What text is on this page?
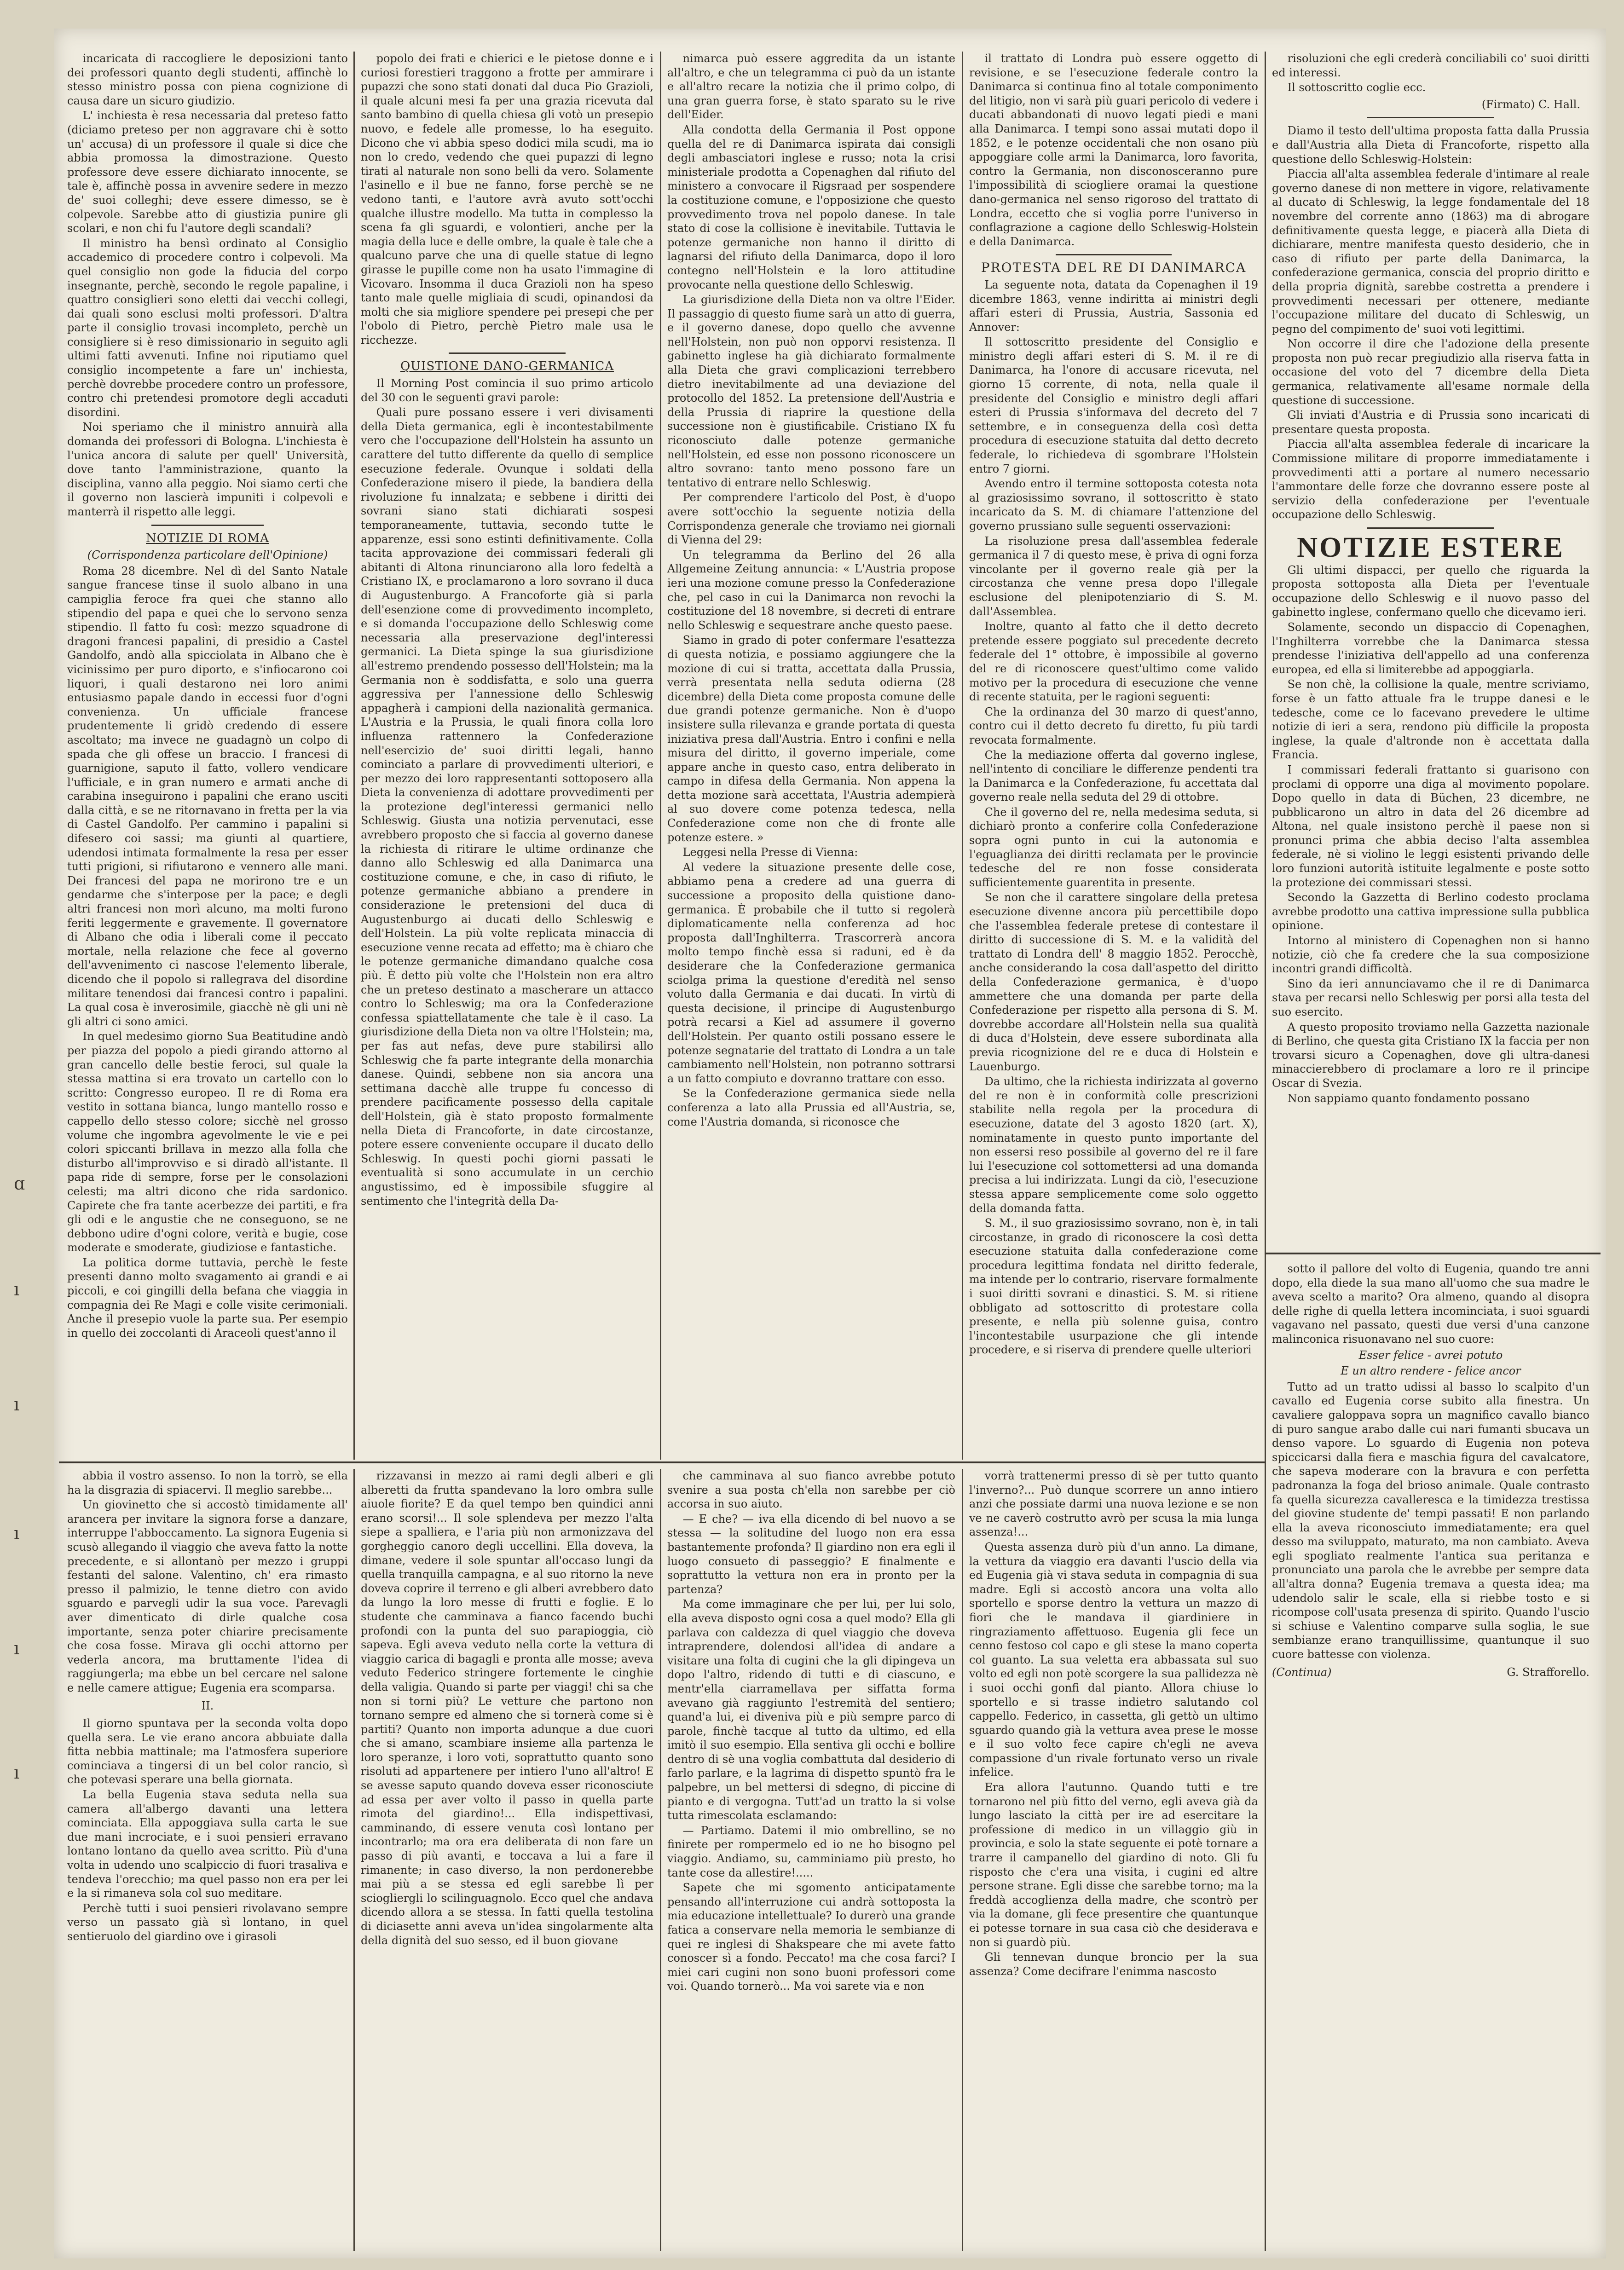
incaricata di raccogliere le deposizioni tanto dei professori quanto degli studenti, affinchè lo stesso ministro possa con piena cognizione di causa dare un sicuro giudizio.

L' inchiesta è resa necessaria dal preteso fatto (diciamo preteso per non aggravare chi è sotto un' accusa) di un professore il quale si dice che abbia promossa la dimostrazione. Questo professore deve essere dichiarato innocente, se tale è, affinchè possa in avvenire sedere in mezzo de' suoi colleghi; deve essere dimesso, se è colpevole. Sarebbe atto di giustizia punire gli scolari, e non chi fu l'autore degli scandali?

Il ministro ha bensì ordinato al Consiglio accademico di procedere contro i colpevoli. Ma quel consiglio non gode la fiducia del corpo insegnante, perchè, secondo le regole papaline, i quattro consiglieri sono eletti dai vecchi collegi, dai quali sono esclusi molti professori. D'altra parte il consiglio trovasi incompleto, perchè un consigliere si è reso dimissionario in seguito agli ultimi fatti avvenuti. Infine noi riputiamo quel consiglio incompetente a fare un' inchiesta, perchè dovrebbe procedere contro un professore, contro chi pretendesi promotore degli accaduti disordini.

Noi speriamo che il ministro annuirà alla domanda dei professori di Bologna. L'inchiesta è l'unica ancora di salute per quell' Università, dove tanto l'amministrazione, quanto la disciplina, vanno alla peggio. Noi siamo certi che il governo non lascierà impuniti i colpevoli e manterrà il rispetto alle leggi.

NOTIZIE DI ROMA
(Corrispondenza particolare dell'Opinione)

Roma 28 dicembre. Nel dì del Santo Natale sangue francese tinse il suolo albano in una campiglia feroce fra quei che stanno allo stipendio del papa e quei che lo servono senza stipendio. Il fatto fu così: mezzo squadrone di dragoni francesi papalini, di presidio a Castel Gandolfo, andò alla spicciolata in Albano che è vicinissimo per puro diporto, e s'infiocarono coi liquori, i quali destarono nei loro animi entusiasmo papale dando in eccessi fuor d'ogni convenienza. Un ufficiale francese prudentemente li gridò credendo di essere ascoltato; ma invece ne guadagnò un colpo di spada che gli offese un braccio. I francesi di guarnigione, saputo il fatto, vollero vendicare l'ufficiale, e in gran numero e armati anche di carabina inseguirono i papalini che erano usciti dalla città, e se ne ritornavano in fretta per la via di Castel Gandolfo. Per cammino i papalini si difesero coi sassi; ma giunti al quartiere, udendosi intimata formalmente la resa per esser tutti prigioni, si rifiutarono e vennero alle mani. Dei francesi del papa ne morirono tre e un gendarme che s'interpose per la pace; e degli altri francesi non morì alcuno, ma molti furono feriti leggermente e gravemente. Il governatore di Albano che odia i liberali come il peccato mortale, nella relazione che fece al governo dell'avvenimento ci nascose l'elemento liberale, dicendo che il popolo si rallegrava del disordine militare tenendosi dai francesi contro i papalini. La qual cosa è inverosimile, giacchè nè gli uni nè gli altri ci sono amici.

In quel medesimo giorno Sua Beatitudine andò per piazza del popolo a piedi girando attorno al gran cancello delle bestie feroci, sul quale la stessa mattina si era trovato un cartello con lo scritto: Congresso europeo. Il re di Roma era vestito in sottana bianca, lungo mantello rosso e cappello dello stesso colore; sicchè nel grosso volume che ingombra agevolmente le vie e pei colori spiccanti brillava in mezzo alla folla che disturbo all'improvviso e si diradò all'istante. Il papa ride di sempre, forse per le consolazioni celesti; ma altri dicono che rida sardonico. Capirete che fra tante acerbezze dei partiti, e fra gli odi e le angustie che ne conseguono, se ne debbono udire d'ogni colore, verità e bugie, cose moderate e smoderate, giudiziose e fantastiche.

La politica dorme tuttavia, perchè le feste presenti danno molto svagamento ai grandi e ai piccoli, e coi gingilli della befana che viaggia in compagnia dei Re Magi e colle visite cerimoniali. Anche il presepio vuole la parte sua. Per esempio in quello dei zoccolanti di Araceoli quest'anno il

popolo dei frati e chierici e le pietose donne e i curiosi forestieri traggono a frotte per ammirare i pupazzi che sono stati donati dal duca Pio Grazioli, il quale alcuni mesi fa per una grazia ricevuta dal santo bambino di quella chiesa gli votò un presepio nuovo, e fedele alle promesse, lo ha eseguito. Dicono che vi abbia speso dodici mila scudi, ma io non lo credo, vedendo che quei pupazzi di legno tirati al naturale non sono belli da vero. Solamente l'asinello e il bue ne fanno, forse perchè se ne vedono tanti, e l'autore avrà avuto sott'occhi qualche illustre modello. Ma tutta in complesso la scena fa gli sguardi, e volontieri, anche per la magia della luce e delle ombre, la quale è tale che a qualcuno parve che una di quelle statue di legno girasse le pupille come non ha usato l'immagine di Vicovaro. Insomma il duca Grazioli non ha speso tanto male quelle migliaia di scudi, opinandosi da molti che sia migliore spendere pei presepi che per l'obolo di Pietro, perchè Pietro male usa le ricchezze.

QUISTIONE DANO-GERMANICA

Il Morning Post comincia il suo primo articolo del 30 con le seguenti gravi parole:

Quali pure possano essere i veri divisamenti della Dieta germanica, egli è incontestabilmente vero che l'occupazione dell'Holstein ha assunto un carattere del tutto differente da quello di semplice esecuzione federale. Ovunque i soldati della Confederazione misero il piede, la bandiera della rivoluzione fu innalzata; e sebbene i diritti dei sovrani siano stati dichiarati sospesi temporaneamente, tuttavia, secondo tutte le apparenze, essi sono estinti definitivamente. Colla tacita approvazione dei commissari federali gli abitanti di Altona rinunciarono alla loro fedeltà a Cristiano IX, e proclamarono a loro sovrano il duca di Augustenburgo. A Francoforte già si parla dell'esenzione come di provvedimento incompleto, e si domanda l'occupazione dello Schleswig come necessaria alla preservazione degl'interessi germanici. La Dieta spinge la sua giurisdizione all'estremo prendendo possesso dell'Holstein; ma la Germania non è soddisfatta, e solo una guerra aggressiva per l'annessione dello Schleswig appagherà i campioni della nazionalità germanica. L'Austria e la Prussia, le quali finora colla loro influenza rattennero la Confederazione nell'esercizio de' suoi diritti legali, hanno cominciato a parlare di provvedimenti ulteriori, e per mezzo dei loro rappresentanti sottoposero alla Dieta la convenienza di adottare provvedimenti per la protezione degl'interessi germanici nello Schleswig. Giusta una notizia pervenutaci, esse avrebbero proposto che si faccia al governo danese la richiesta di ritirare le ultime ordinanze che danno allo Schleswig ed alla Danimarca una costituzione comune, e che, in caso di rifiuto, le potenze germaniche abbiano a prendere in considerazione le pretensioni del duca di Augustenburgo ai ducati dello Schleswig e dell'Holstein. La più volte replicata minaccia di esecuzione venne recata ad effetto; ma è chiaro che le potenze germaniche dimandano qualche cosa più. È detto più volte che l'Holstein non era altro che un preteso destinato a mascherare un attacco contro lo Schleswig; ma ora la Confederazione confessa spiattellatamente che tale è il caso. La giurisdizione della Dieta non va oltre l'Holstein; ma, per fas aut nefas, deve pure stabilirsi allo Schleswig che fa parte integrante della monarchia danese. Quindi, sebbene non sia ancora una settimana dacchè alle truppe fu concesso di prendere pacificamente possesso della capitale dell'Holstein, già è stato proposto formalmente nella Dieta di Francoforte, in date circostanze, potere essere conveniente occupare il ducato dello Schleswig. In questi pochi giorni passati le eventualità si sono accumulate in un cerchio angustissimo, ed è impossibile sfuggire al sentimento che l'integrità della Da-

nimarca può essere aggredita da un istante all'altro, e che un telegramma ci può da un istante e all'altro recare la notizia che il primo colpo, di una gran guerra forse, è stato sparato su le rive dell'Eider.

Alla condotta della Germania il Post oppone quella del re di Danimarca ispirata dai consigli degli ambasciatori inglese e russo; nota la crisi ministeriale prodotta a Copenaghen dal rifiuto del ministero a convocare il Rigsraad per sospendere la costituzione comune, e l'opposizione che questo provvedimento trova nel popolo danese. In tale stato di cose la collisione è inevitabile. Tuttavia le potenze germaniche non hanno il diritto di lagnarsi del rifiuto della Danimarca, dopo il loro contegno nell'Holstein e la loro attitudine provocante nella questione dello Schleswig.

La giurisdizione della Dieta non va oltre l'Eider. Il passaggio di questo fiume sarà un atto di guerra, e il governo danese, dopo quello che avvenne nell'Holstein, non può non opporvi resistenza. Il gabinetto inglese ha già dichiarato formalmente alla Dieta che gravi complicazioni terrebbero dietro inevitabilmente ad una deviazione del protocollo del 1852. La pretensione dell'Austria e della Prussia di riaprire la questione della successione non è giustificabile. Cristiano IX fu riconosciuto dalle potenze germaniche nell'Holstein, ed esse non possono riconoscere un altro sovrano: tanto meno possono fare un tentativo di entrare nello Schleswig.

Per comprendere l'articolo del Post, è d'uopo avere sott'occhio la seguente notizia della Corrispondenza generale che troviamo nei giornali di Vienna del 29:

Un telegramma da Berlino del 26 alla Allgemeine Zeitung annuncia: « L'Austria propose ieri una mozione comune presso la Confederazione che, pel caso in cui la Danimarca non revochi la costituzione del 18 novembre, si decreti di entrare nello Schleswig e sequestrare anche questo paese.

Siamo in grado di poter confermare l'esattezza di questa notizia, e possiamo aggiungere che la mozione di cui si tratta, accettata dalla Prussia, verrà presentata nella seduta odierna (28 dicembre) della Dieta come proposta comune delle due grandi potenze germaniche. Non è d'uopo insistere sulla rilevanza e grande portata di questa iniziativa presa dall'Austria. Entro i confini e nella misura del diritto, il governo imperiale, come appare anche in questo caso, entra deliberato in campo in difesa della Germania. Non appena la detta mozione sarà accettata, l'Austria adempierà al suo dovere come potenza tedesca, nella Confederazione come non che di fronte alle potenze estere. »

Leggesi nella Presse di Vienna:

Al vedere la situazione presente delle cose, abbiamo pena a credere ad una guerra di successione a proposito della quistione dano-germanica. È probabile che il tutto si regolerà diplomaticamente nella conferenza ad hoc proposta dall'Inghilterra. Trascorrerà ancora molto tempo finchè essa si raduni, ed è da desiderare che la Confederazione germanica sciolga prima la questione d'eredità nel senso voluto dalla Germania e dai ducati. In virtù di questa decisione, il principe di Augustenburgo potrà recarsi a Kiel ad assumere il governo dell'Holstein. Per quanto ostili possano essere le potenze segnatarie del trattato di Londra a un tale cambiamento nell'Holstein, non potranno sottrarsi a un fatto compiuto e dovranno trattare con esso.

Se la Confederazione germanica siede nella conferenza a lato alla Prussia ed all'Austria, se, come l'Austria domanda, si riconosce che

il trattato di Londra può essere oggetto di revisione, e se l'esecuzione federale contro la Danimarca si continua fino al totale componimento del litigio, non vi sarà più guari pericolo di vedere i ducati abbandonati di nuovo legati piedi e mani alla Danimarca. I tempi sono assai mutati dopo il 1852, e le potenze occidentali che non osano più appoggiare colle armi la Danimarca, loro favorita, contro la Germania, non disconosceranno pure l'impossibilità di sciogliere oramai la questione dano-germanica nel senso rigoroso del trattato di Londra, eccetto che si voglia porre l'universo in conflagrazione a cagione dello Schleswig-Holstein e della Danimarca.

PROTESTA DEL RE DI DANIMARCA

La seguente nota, datata da Copenaghen il 19 dicembre 1863, venne indiritta ai ministri degli affari esteri di Prussia, Austria, Sassonia ed Annover:

Il sottoscritto presidente del Consiglio e ministro degli affari esteri di S. M. il re di Danimarca, ha l'onore di accusare ricevuta, nel giorno 15 corrente, di nota, nella quale il presidente del Consiglio e ministro degli affari esteri di Prussia s'informava del decreto del 7 settembre, e in conseguenza della così detta procedura di esecuzione statuita dal detto decreto federale, lo richiedeva di sgombrare l'Holstein entro 7 giorni.

Avendo entro il termine sottoposta cotesta nota al graziosissimo sovrano, il sottoscritto è stato incaricato da S. M. di chiamare l'attenzione del governo prussiano sulle seguenti osservazioni:

La risoluzione presa dall'assemblea federale germanica il 7 di questo mese, è priva di ogni forza vincolante per il governo reale già per la circostanza che venne presa dopo l'illegale esclusione del plenipotenziario di S. M. dall'Assemblea.

Inoltre, quanto al fatto che il detto decreto pretende essere poggiato sul precedente decreto federale del 1° ottobre, è impossibile al governo del re di riconoscere quest'ultimo come valido motivo per la procedura di esecuzione che venne di recente statuita, per le ragioni seguenti:

Che la ordinanza del 30 marzo di quest'anno, contro cui il detto decreto fu diretto, fu più tardi revocata formalmente.

Che la mediazione offerta dal governo inglese, nell'intento di conciliare le differenze pendenti tra la Danimarca e la Confederazione, fu accettata dal governo reale nella seduta del 29 di ottobre.

Che il governo del re, nella medesima seduta, si dichiarò pronto a conferire colla Confederazione sopra ogni punto in cui la autonomia e l'eguaglianza dei diritti reclamata per le provincie tedesche del re non fosse considerata sufficientemente guarentita in presente.

Se non che il carattere singolare della pretesa esecuzione divenne ancora più percettibile dopo che l'assemblea federale pretese di contestare il diritto di successione di S. M. e la validità del trattato di Londra dell' 8 maggio 1852. Perocchè, anche considerando la cosa dall'aspetto del diritto della Confederazione germanica, è d'uopo ammettere che una domanda per parte della Confederazione per rispetto alla persona di S. M. dovrebbe accordare all'Holstein nella sua qualità di duca d'Holstein, deve essere subordinata alla previa ricognizione del re e duca di Holstein e Lauenburgo.

Da ultimo, che la richiesta indirizzata al governo del re non è in conformità colle prescrizioni stabilite nella regola per la procedura di esecuzione, datate del 3 agosto 1820 (art. X), nominatamente in questo punto importante del non essersi reso possibile al governo del re il fare lui l'esecuzione col sottomettersi ad una domanda precisa a lui indirizzata. Lungi da ciò, l'esecuzione stessa appare semplicemente come solo oggetto della domanda fatta.

S. M., il suo graziosissimo sovrano, non è, in tali circostanze, in grado di riconoscere la così detta esecuzione statuita dalla confederazione come procedura legittima fondata nel diritto federale, ma intende per lo contrario, riservare formalmente i suoi diritti sovrani e dinastici. S. M. si ritiene obbligato ad sottoscritto di protestare colla presente, e nella più solenne guisa, contro l'incontestabile usurpazione che gli intende procedere, e si riserva di prendere quelle ulteriori

risoluzioni che egli crederà conciliabili co' suoi diritti ed interessi.

Il sottoscritto coglie ecc.

(Firmato) C. Hall.

Diamo il testo dell'ultima proposta fatta dalla Prussia e dall'Austria alla Dieta di Francoforte, rispetto alla questione dello Schleswig-Holstein:

Piaccia all'alta assemblea federale d'intimare al reale governo danese di non mettere in vigore, relativamente al ducato di Schleswig, la legge fondamentale del 18 novembre del corrente anno (1863) ma di abrogare definitivamente questa legge, e piacerà alla Dieta di dichiarare, mentre manifesta questo desiderio, che in caso di rifiuto per parte della Danimarca, la confederazione germanica, conscia del proprio diritto e della propria dignità, sarebbe costretta a prendere i provvedimenti necessari per ottenere, mediante l'occupazione militare del ducato di Schleswig, un pegno del compimento de' suoi voti legittimi.

Non occorre il dire che l'adozione della presente proposta non può recar pregiudizio alla riserva fatta in occasione del voto del 7 dicembre della Dieta germanica, relativamente all'esame normale della questione di successione.

Gli inviati d'Austria e di Prussia sono incaricati di presentare questa proposta.

Piaccia all'alta assemblea federale di incaricare la Commissione militare di proporre immediatamente i provvedimenti atti a portare al numero necessario l'ammontare delle forze che dovranno essere poste al servizio della confederazione per l'eventuale occupazione dello Schleswig.

NOTIZIE ESTERE

Gli ultimi dispacci, per quello che riguarda la proposta sottoposta alla Dieta per l'eventuale occupazione dello Schleswig e il nuovo passo del gabinetto inglese, confermano quello che dicevamo ieri.

Solamente, secondo un dispaccio di Copenaghen, l'Inghilterra vorrebbe che la Danimarca stessa prendesse l'iniziativa dell'appello ad una conferenza europea, ed ella si limiterebbe ad appoggiarla.

Se non chè, la collisione la quale, mentre scriviamo, forse è un fatto attuale fra le truppe danesi e le tedesche, come ce lo facevano prevedere le ultime notizie di ieri a sera, rendono più difficile la proposta inglese, la quale d'altronde non è accettata dalla Francia.

I commissari federali frattanto si guarisono con proclami di opporre una diga al movimento popolare. Dopo quello in data di Büchen, 23 dicembre, ne pubblicarono un altro in data del 26 dicembre ad Altona, nel quale insistono perchè il paese non si pronunci prima che abbia deciso l'alta assemblea federale, nè si violino le leggi esistenti privando delle loro funzioni autorità istituite legalmente e poste sotto la protezione dei commissari stessi.

Secondo la Gazzetta di Berlino codesto proclama avrebbe prodotto una cattiva impressione sulla pubblica opinione.

Intorno al ministero di Copenaghen non si hanno notizie, ciò che fa credere che la sua composizione incontri grandi difficoltà.

Sino da ieri annunciavamo che il re di Danimarca stava per recarsi nello Schleswig per porsi alla testa del suo esercito.

A questo proposito troviamo nella Gazzetta nazionale di Berlino, che questa gita Cristiano IX la faccia per non trovarsi sicuro a Copenaghen, dove gli ultra-danesi minaccierebbero di proclamare a loro re il principe Oscar di Svezia.

Non sappiamo quanto fondamento possano

abbia il vostro assenso. Io non la torrò, se ella ha la disgrazia di spiacervi. Il meglio sarebbe...

Un giovinetto che si accostò timidamente all' arancera per invitare la signora forse a danzare, interruppe l'abboccamento. La signora Eugenia si scusò allegando il viaggio che aveva fatto la notte precedente, e si allontanò per mezzo i gruppi festanti del salone. Valentino, ch' era rimasto presso il palmizio, le tenne dietro con avido sguardo e parvegli udir la sua voce. Parevagli aver dimenticato di dirle qualche cosa importante, senza poter chiarire precisamente che cosa fosse. Mirava gli occhi attorno per vederla ancora, ma bruttamente l'idea di raggiungerla; ma ebbe un bel cercare nel salone e nelle camere attigue; Eugenia era scomparsa.

II.

Il giorno spuntava per la seconda volta dopo quella sera. Le vie erano ancora abbuiate dalla fitta nebbia mattinale; ma l'atmosfera superiore cominciava a tingersi di un bel color rancio, sì che potevasi sperare una bella giornata.

La bella Eugenia stava seduta nella sua camera all'albergo davanti una lettera cominciata. Ella appoggiava sulla carta le sue due mani incrociate, e i suoi pensieri erravano lontano lontano da quello avea scritto. Più d'una volta in udendo uno scalpiccio di fuori trasaliva e tendeva l'orecchio; ma quel passo non era per lei e la si rimaneva sola col suo meditare.

Perchè tutti i suoi pensieri rivolavano sempre verso un passato già sì lontano, in quel sentieruolo del giardino ove i girasoli

rizzavansi in mezzo ai rami degli alberi e gli alberetti da frutta spandevano la loro ombra sulle aiuole fiorite? E da quel tempo ben quindici anni erano scorsi!... Il sole splendeva per mezzo l'alta siepe a spalliera, e l'aria più non armonizzava del gorgheggio canoro degli uccellini. Ella doveva, la dimane, vedere il sole spuntar all'occaso lungi da quella tranquilla campagna, e al suo ritorno la neve doveva coprire il terreno e gli alberi avrebbero dato da lungo la loro messe di frutti e foglie. E lo studente che camminava a fianco facendo buchi profondi con la punta del suo parapioggia, ciò sapeva. Egli aveva veduto nella corte la vettura di viaggio carica di bagagli e pronta alle mosse; aveva veduto Federico stringere fortemente le cinghie della valigia. Quando si parte per viaggi! chi sa che non si torni più? Le vetture che partono non tornano sempre ed almeno che si tornerà come si è partiti? Quanto non importa adunque a due cuori che si amano, scambiare insieme alla partenza le loro speranze, i loro voti, soprattutto quanto sono risoluti ad appartenere per intiero l'uno all'altro! E se avesse saputo quando doveva esser riconosciute ad essa per aver volto il passo in quella parte rimota del giardino!... Ella indispettivasi, camminando, di essere venuta così lontano per incontrarlo; ma ora era deliberata di non fare un passo di più avanti, e toccava a lui a fare il rimanente; in caso diverso, la non perdonerebbe mai più a se stessa ed egli sarebbe lì per sciogliergli lo scilinguagnolo. Ecco quel che andava dicendo allora a se stessa. In fatti quella testolina di diciasette anni aveva un'idea singolarmente alta della dignità del suo sesso, ed il buon giovane

che camminava al suo fianco avrebbe potuto svenire a sua posta ch'ella non sarebbe per ciò accorsa in suo aiuto.

— E che? — iva ella dicendo di bel nuovo a se stessa — la solitudine del luogo non era essa bastantemente profonda? Il giardino non era egli il luogo consueto di passeggio? E finalmente e soprattutto la vettura non era in pronto per la partenza?

Ma come immaginare che per lui, per lui solo, ella aveva disposto ogni cosa a quel modo? Ella gli parlava con caldezza di quel viaggio che doveva intraprendere, dolendosi all'idea di andare a visitare una folta di cugini che la gli dipingeva un dopo l'altro, ridendo di tutti e di ciascuno, e mentr'ella ciarramellava per siffatta forma avevano già raggiunto l'estremità del sentiero; quand'a lui, ei diveniva più e più sempre parco di parole, finchè tacque al tutto da ultimo, ed ella imitò il suo esempio. Ella sentiva gli occhi e bollire dentro di sè una voglia combattuta dal desiderio di farlo parlare, e la lagrima di dispetto spuntò fra le palpebre, un bel mettersi di sdegno, di piccine di pianto e di vergogna. Tutt'ad un tratto la si volse tutta rimescolata esclamando:

— Partiamo. Datemi il mio ombrellino, se no finirete per rompermelo ed io ne ho bisogno pel viaggio. Andiamo, su, camminiamo più presto, ho tante cose da allestire!.....

Sapete che mi sgomento anticipatamente pensando all'interruzione cui andrà sottoposta la mia educazione intellettuale? Io durerò una grande fatica a conservare nella memoria le sembianze di quei re inglesi di Shakspeare che mi avete fatto conoscer sì a fondo. Peccato! ma che cosa farci? I miei cari cugini non sono buoni professori come voi. Quando tornerò... Ma voi sarete via e non

vorrà trattenermi presso di sè per tutto quanto l'inverno?... Può dunque scorrere un anno intiero anzi che possiate darmi una nuova lezione e se non ve ne caverò costrutto avrò per scusa la mia lunga assenza!...

Questa assenza durò più d'un anno. La dimane, la vettura da viaggio era davanti l'uscio della via ed Eugenia già vi stava seduta in compagnia di sua madre. Egli si accostò ancora una volta allo sportello e sporse dentro la vettura un mazzo di fiori che le mandava il giardiniere in ringraziamento affettuoso. Eugenia gli fece un cenno festoso col capo e gli stese la mano coperta col guanto. La sua veletta era abbassata sul suo volto ed egli non potè scorgere la sua pallidezza nè i suoi occhi gonfi dal pianto. Allora chiuse lo sportello e si trasse indietro salutando col cappello. Federico, in cassetta, gli gettò un ultimo sguardo quando già la vettura avea prese le mosse e il suo volto fece capire ch'egli ne aveva compassione d'un rivale fortunato verso un rivale infelice.

Era allora l'autunno. Quando tutti e tre tornarono nel più fitto del verno, egli aveva già da lungo lasciato la città per ire ad esercitare la professione di medico in un villaggio giù in provincia, e solo la state seguente ei potè tornare a trarre il campanello del giardino di noto. Gli fu risposto che c'era una visita, i cugini ed altre persone strane. Egli disse che sarebbe torno; ma la freddà accoglienza della madre, che scontrò per via la domane, gli fece presentire che quantunque ei potesse tornare in sua casa ciò che desiderava e non si guardò più.

Gli tennevan dunque broncio per la sua assenza? Come decifrare l'enimma nascosto

sotto il pallore del volto di Eugenia, quando tre anni dopo, ella diede la sua mano all'uomo che sua madre le aveva scelto a marito? Ora almeno, quando al disopra delle righe di quella lettera incominciata, i suoi sguardi vagavano nel passato, questi due versi d'una canzone malinconica risuonavano nel suo cuore:

Esser felice - avrei potuto
E un altro rendere - felice ancor

Tutto ad un tratto udissi al basso lo scalpito d'un cavallo ed Eugenia corse subito alla finestra. Un cavaliere galoppava sopra un magnifico cavallo bianco di puro sangue arabo dalle cui nari fumanti sbucava un denso vapore. Lo sguardo di Eugenia non poteva spiccicarsi dalla fiera e maschia figura del cavalcatore, che sapeva moderare con la bravura e con perfetta padronanza la foga del brioso animale. Quale contrasto fa quella sicurezza cavalleresca e la timidezza trestissa del giovine studente de' tempi passati! E non parlando ella la aveva riconosciuto immediatamente; era quel desso ma sviluppato, maturato, ma non cambiato. Aveva egli spogliato realmente l'antica sua peritanza e pronunciato una parola che le avrebbe per sempre data all'altra donna? Eugenia tremava a questa idea; ma udendolo salir le scale, ella si riebbe tosto e si ricompose coll'usata presenza di spirito. Quando l'uscio si schiuse e Valentino comparve sulla soglia, le sue sembianze erano tranquillissime, quantunque il suo cuore battesse con violenza.

(Continua)	G. Strafforello.
ɑ
ı
ı
ı
ı
ı
